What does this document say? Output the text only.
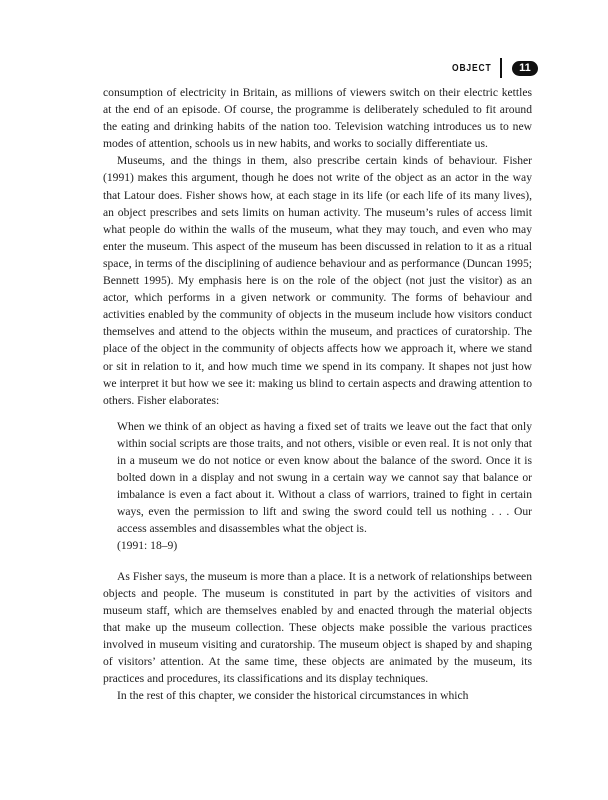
OBJECT	11

consumption of electricity in Britain, as millions of viewers switch on their electric kettles at the end of an episode. Of course, the programme is deliberately scheduled to fit around the eating and drinking habits of the nation too. Television watching introduces us to new modes of attention, schools us in new habits, and works to socially differentiate us.

Museums, and the things in them, also prescribe certain kinds of behaviour. Fisher (1991) makes this argument, though he does not write of the object as an actor in the way that Latour does. Fisher shows how, at each stage in its life (or each life of its many lives), an object prescribes and sets limits on human activity. The museum’s rules of access limit what people do within the walls of the museum, what they may touch, and even who may enter the museum. This aspect of the museum has been discussed in relation to it as a ritual space, in terms of the disciplining of audience behaviour and as performance (Duncan 1995; Bennett 1995). My emphasis here is on the role of the object (not just the visitor) as an actor, which performs in a given network or community. The forms of behaviour and activities enabled by the community of objects in the museum include how visitors conduct themselves and attend to the objects within the museum, and practices of curatorship. The place of the object in the community of objects affects how we approach it, where we stand or sit in relation to it, and how much time we spend in its company. It shapes not just how we interpret it but how we see it: making us blind to certain aspects and drawing attention to others. Fisher elaborates:

When we think of an object as having a fixed set of traits we leave out the fact that only within social scripts are those traits, and not others, visible or even real. It is not only that in a museum we do not notice or even know about the balance of the sword. Once it is bolted down in a display and not swung in a certain way we cannot say that balance or imbalance is even a fact about it. Without a class of warriors, trained to fight in certain ways, even the permission to lift and swing the sword could tell us nothing . . . Our access assembles and disassembles what the object is.

(1991: 18–9)

As Fisher says, the museum is more than a place. It is a network of relationships between objects and people. The museum is constituted in part by the activities of visitors and museum staff, which are themselves enabled by and enacted through the material objects that make up the museum collection. These objects make possible the various practices involved in museum visiting and curatorship. The museum object is shaped by and shaping of visitors’ attention. At the same time, these objects are animated by the museum, its practices and procedures, its classifications and its display techniques.

In the rest of this chapter, we consider the historical circumstances in which
